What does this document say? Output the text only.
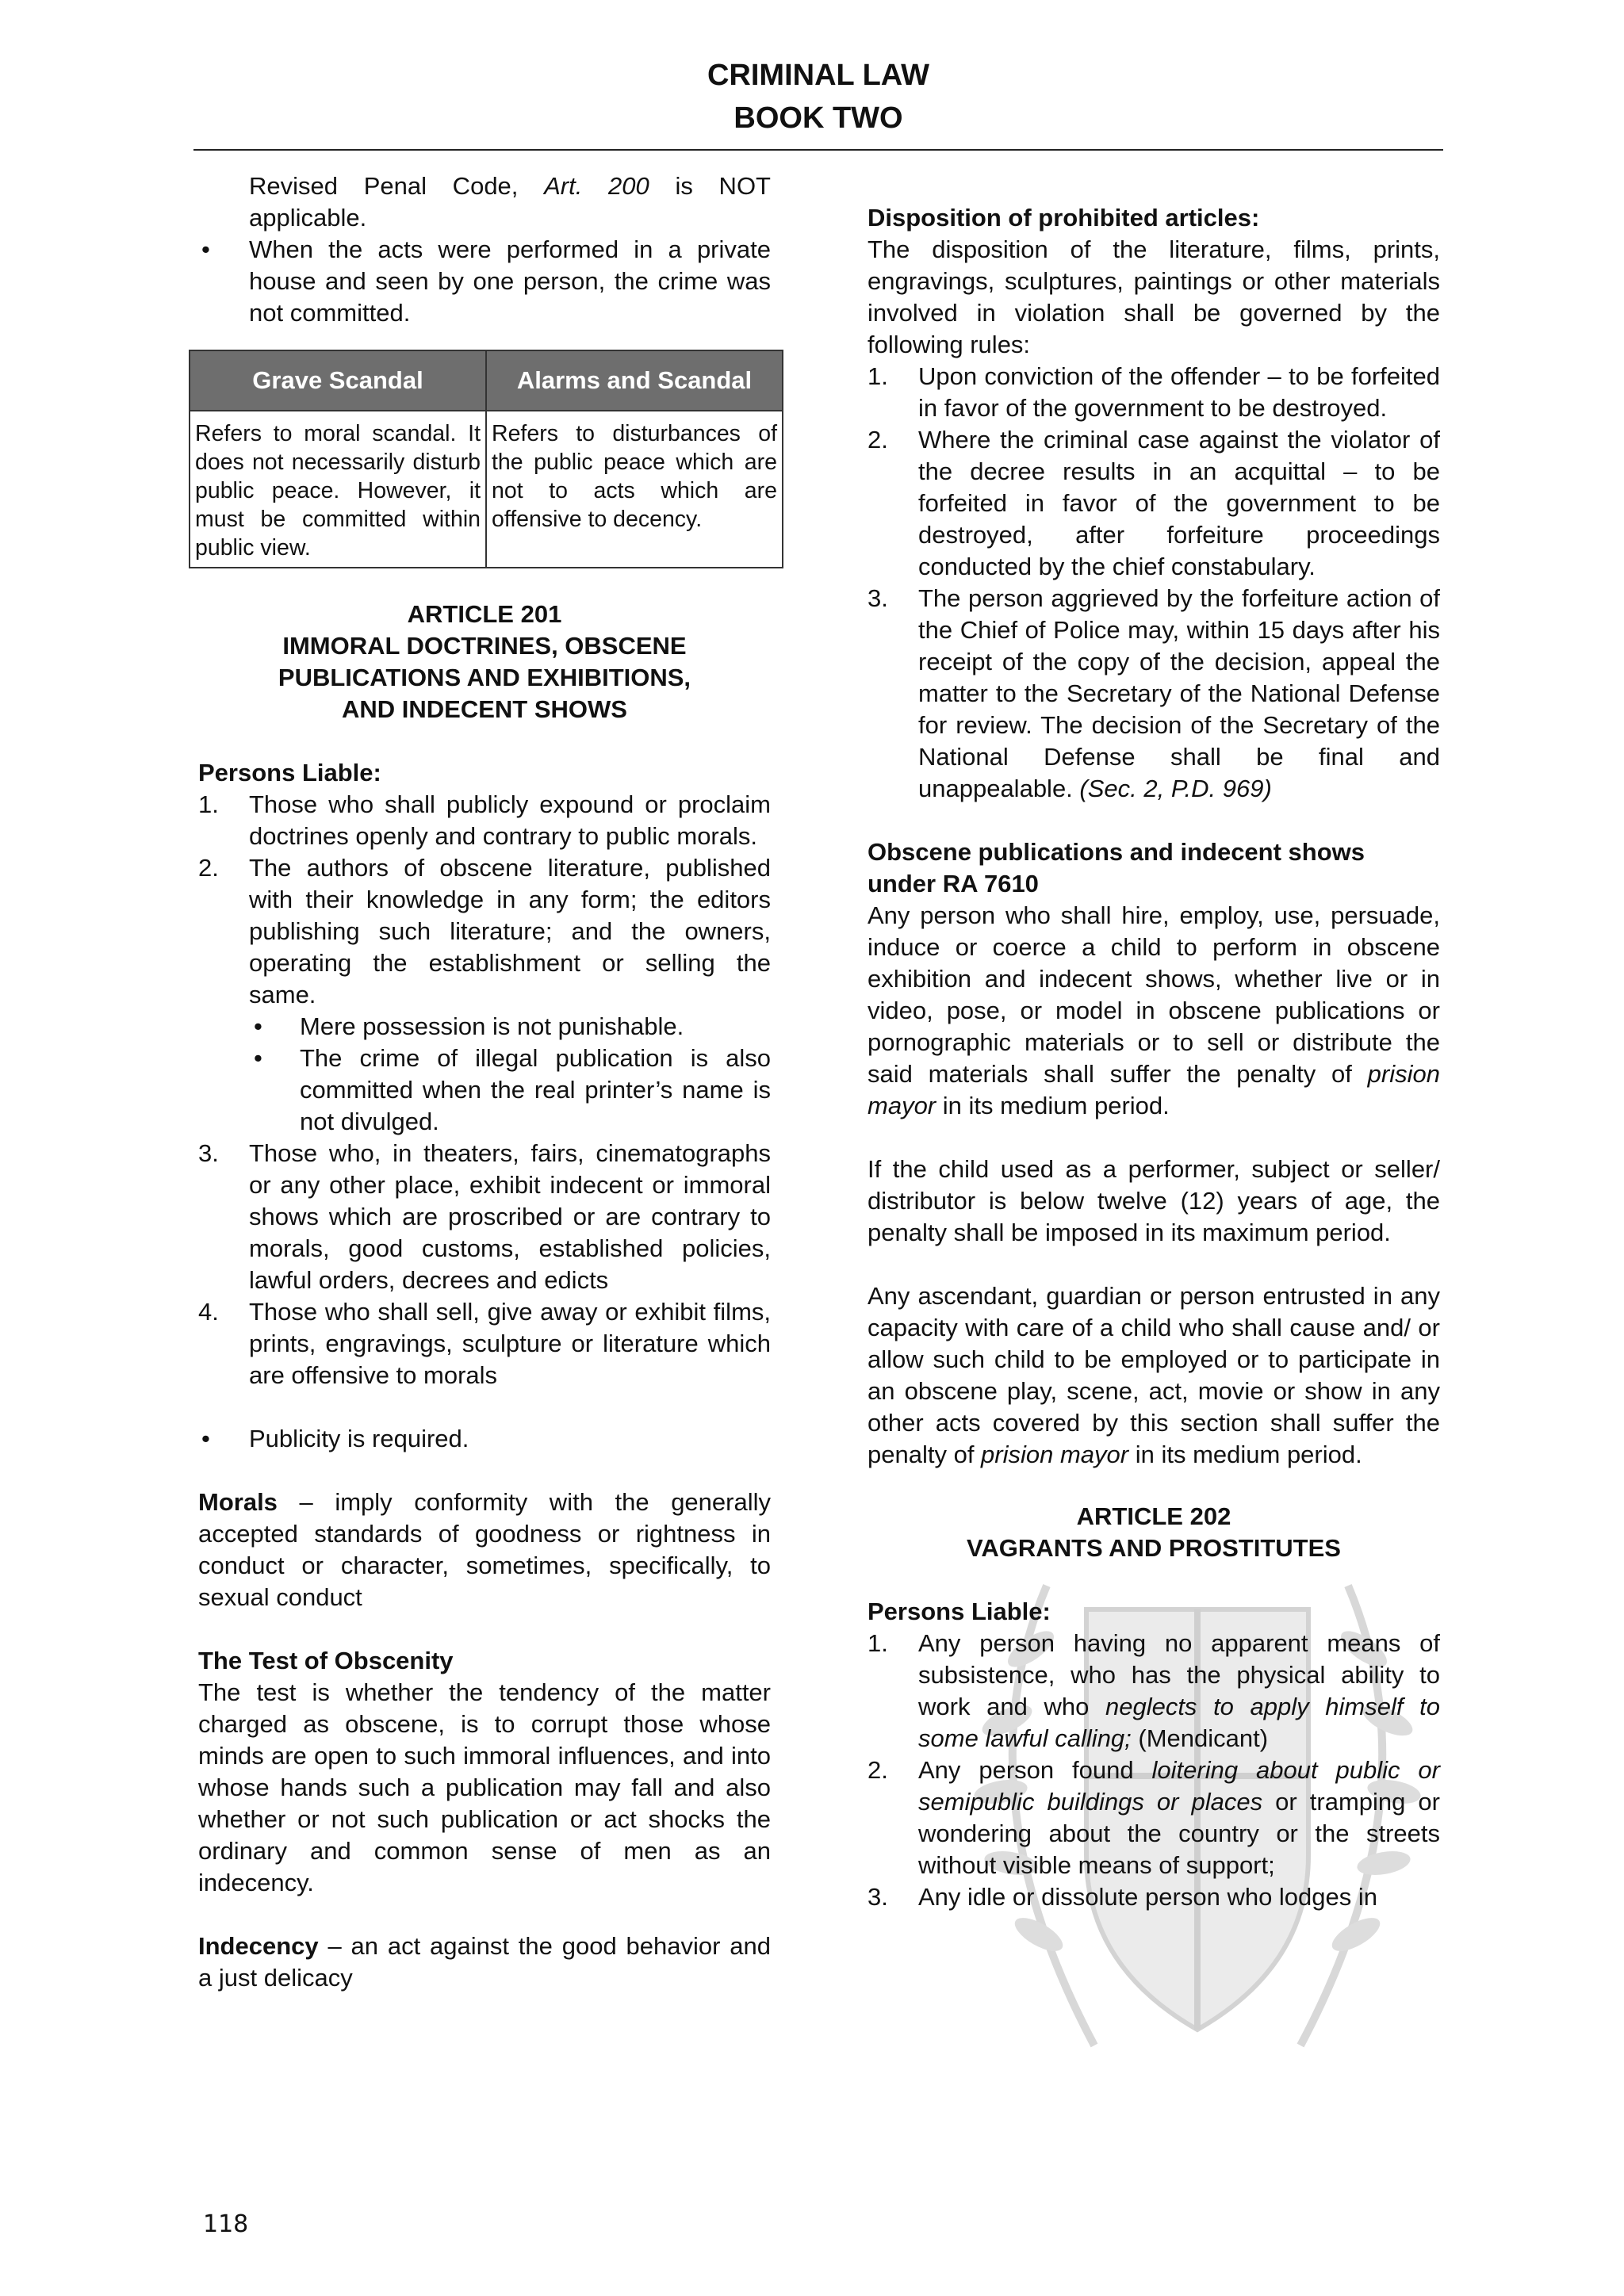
CRIMINAL LAW
BOOK TWO

Revised Penal Code, Art. 200 is NOT applicable.

• When the acts were performed in a private house and seen by one person, the crime was not committed.
Grave Scandal	Alarms and Scandal
Refers to moral scandal. It does not necessarily disturb public peace. However, it must be committed within public view.	Refers to disturbances of the public peace which are not to acts which are offensive to decency.
ARTICLE 201
IMMORAL DOCTRINES, OBSCENE
PUBLICATIONS AND EXHIBITIONS,
AND INDECENT SHOWS

Persons Liable:

1. Those who shall publicly expound or proclaim doctrines openly and contrary to public morals.
2. The authors of obscene literature, published with their knowledge in any form; the editors publishing such literature; and the owners, operating the establishment or selling the same.
• Mere possession is not punishable.
• The crime of illegal publication is also committed when the real printer’s name is not divulged.
3. Those who, in theaters, fairs, cinematographs or any other place, exhibit indecent or immoral shows which are proscribed or are contrary to morals, good customs, established policies, lawful orders, decrees and edicts
4. Those who shall sell, give away or exhibit films, prints, engravings, sculpture or literature which are offensive to morals
• Publicity is required.

Morals – imply conformity with the generally accepted standards of goodness or rightness in conduct or character, sometimes, specifically, to sexual conduct

The Test of Obscenity

The test is whether the tendency of the matter charged as obscene, is to corrupt those whose minds are open to such immoral influences, and into whose hands such a publication may fall and also whether or not such publication or act shocks the ordinary and common sense of men as an indecency.

Indecency – an act against the good behavior and a just delicacy

Disposition of prohibited articles:

The disposition of the literature, films, prints, engravings, sculptures, paintings or other materials involved in violation shall be governed by the following rules:

1. Upon conviction of the offender – to be forfeited in favor of the government to be destroyed.
2. Where the criminal case against the violator of the decree results in an acquittal – to be forfeited in favor of the government to be destroyed, after forfeiture proceedings conducted by the chief constabulary.
3. The person aggrieved by the forfeiture action of the Chief of Police may, within 15 days after his receipt of the copy of the decision, appeal the matter to the Secretary of the National Defense for review. The decision of the Secretary of the National Defense shall be final and unappealable. (Sec. 2, P.D. 969)

Obscene publications and indecent shows

under RA 7610

Any person who shall hire, employ, use, persuade, induce or coerce a child to perform in obscene exhibition and indecent shows, whether live or in video, pose, or model in obscene publications or pornographic materials or to sell or distribute the said materials shall suffer the penalty of prision mayor in its medium period.

If the child used as a performer, subject or seller/ distributor is below twelve (12) years of age, the penalty shall be imposed in its maximum period.

Any ascendant, guardian or person entrusted in any capacity with care of a child who shall cause and/ or allow such child to be employed or to participate in an obscene play, scene, act, movie or show in any other acts covered by this section shall suffer the penalty of prision mayor in its medium period.

ARTICLE 202
VAGRANTS AND PROSTITUTES

Persons Liable:

1. Any person having no apparent means of subsistence, who has the physical ability to work and who neglects to apply himself to some lawful calling; (Mendicant)
2. Any person found loitering about public or semipublic buildings or places or tramping or wondering about the country or the streets without visible means of support;
3. Any idle or dissolute person who lodges in
118
